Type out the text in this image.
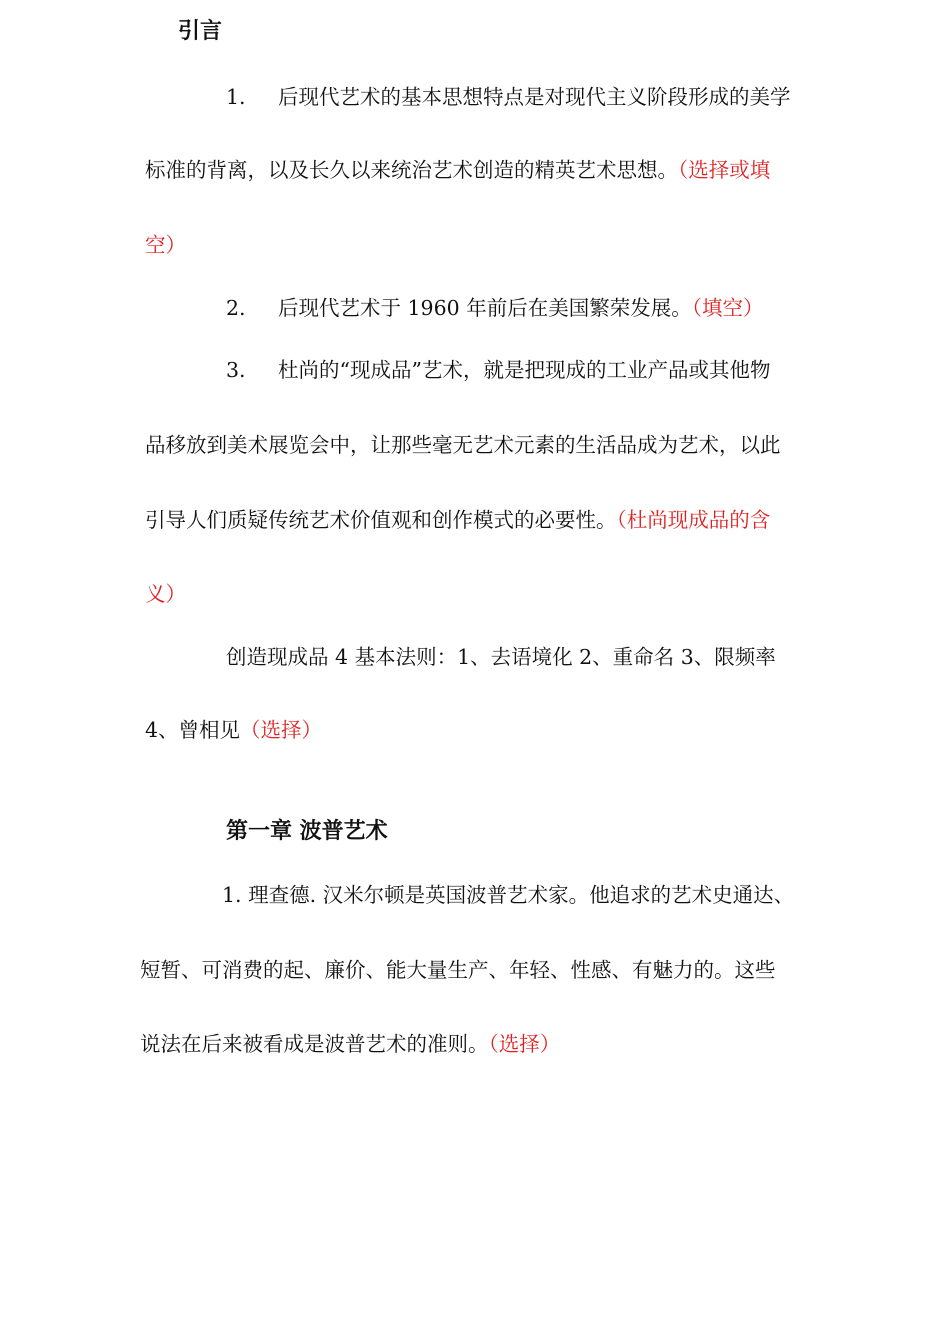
引言
1. 后现代艺术的基本思想特点是对现代主义阶段形成的美学
标准的背离，以及长久以来统治艺术创造的精英艺术思想。（选择或填
空）
2. 后现代艺术于 1960 年前后在美国繁荣发展。（填空）
3. 杜尚的“现成品”艺术，就是把现成的工业产品或其他物
品移放到美术展览会中，让那些毫无艺术元素的生活品成为艺术，以此
引导人们质疑传统艺术价值观和创作模式的必要性。（杜尚现成品的含
义）
创造现成品 4 基本法则：1、去语境化 2、重命名 3、限频率
4、曾相见（选择）
第一章 波普艺术
1. 理查德. 汉米尔顿是英国波普艺术家。他追求的艺术史通达、
短暂、可消费的起、廉价、能大量生产、年轻、性感、有魅力的。这些
说法在后来被看成是波普艺术的准则。（选择）
